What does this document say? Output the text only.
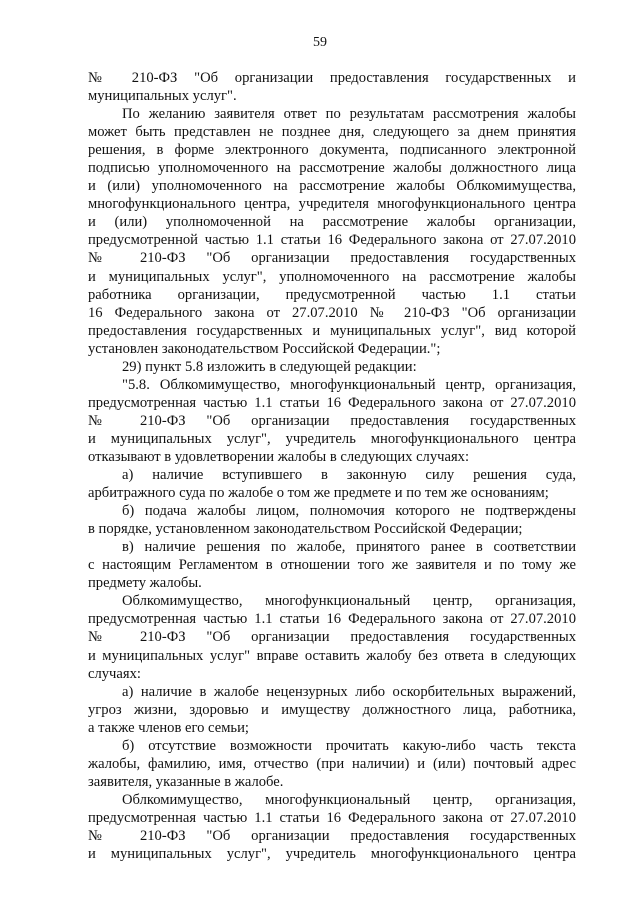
59

№ 210-ФЗ "Об организации предоставления государственных и
муниципальных услуг".

По желанию заявителя ответ по результатам рассмотрения жалобы
может быть представлен не позднее дня, следующего за днем принятия
решения, в форме электронного документа, подписанного электронной
подписью уполномоченного на рассмотрение жалобы должностного лица
и (или) уполномоченного на рассмотрение жалобы Облкомимущества,
многофункционального центра, учредителя многофункционального центра
и (или) уполномоченной на рассмотрение жалобы организации,
предусмотренной частью 1.1 статьи 16 Федерального закона от 27.07.2010
№ 210-ФЗ "Об организации предоставления государственных
и муниципальных услуг", уполномоченного на рассмотрение жалобы
работника организации, предусмотренной частью 1.1 статьи
16 Федерального закона от 27.07.2010 № 210-ФЗ "Об организации
предоставления государственных и муниципальных услуг", вид которой
установлен законодательством Российской Федерации.";

29) пункт 5.8 изложить в следующей редакции:

"5.8. Облкомимущество, многофункциональный центр, организация,
предусмотренная частью 1.1 статьи 16 Федерального закона от 27.07.2010
№ 210-ФЗ "Об организации предоставления государственных
и муниципальных услуг", учредитель многофункционального центра
отказывают в удовлетворении жалобы в следующих случаях:

а) наличие вступившего в законную силу решения суда,
арбитражного суда по жалобе о том же предмете и по тем же основаниям;

б) подача жалобы лицом, полномочия которого не подтверждены
в порядке, установленном законодательством Российской Федерации;

в) наличие решения по жалобе, принятого ранее в соответствии
с настоящим Регламентом в отношении того же заявителя и по тому же
предмету жалобы.

Облкомимущество, многофункциональный центр, организация,
предусмотренная частью 1.1 статьи 16 Федерального закона от 27.07.2010
№ 210-ФЗ "Об организации предоставления государственных
и муниципальных услуг" вправе оставить жалобу без ответа в следующих
случаях:

а) наличие в жалобе нецензурных либо оскорбительных выражений,
угроз жизни, здоровью и имуществу должностного лица, работника,
а также членов его семьи;

б) отсутствие возможности прочитать какую-либо часть текста
жалобы, фамилию, имя, отчество (при наличии) и (или) почтовый адрес
заявителя, указанные в жалобе.

Облкомимущество, многофункциональный центр, организация,
предусмотренная частью 1.1 статьи 16 Федерального закона от 27.07.2010
№ 210-ФЗ "Об организации предоставления государственных
и муниципальных услуг", учредитель многофункционального центра
